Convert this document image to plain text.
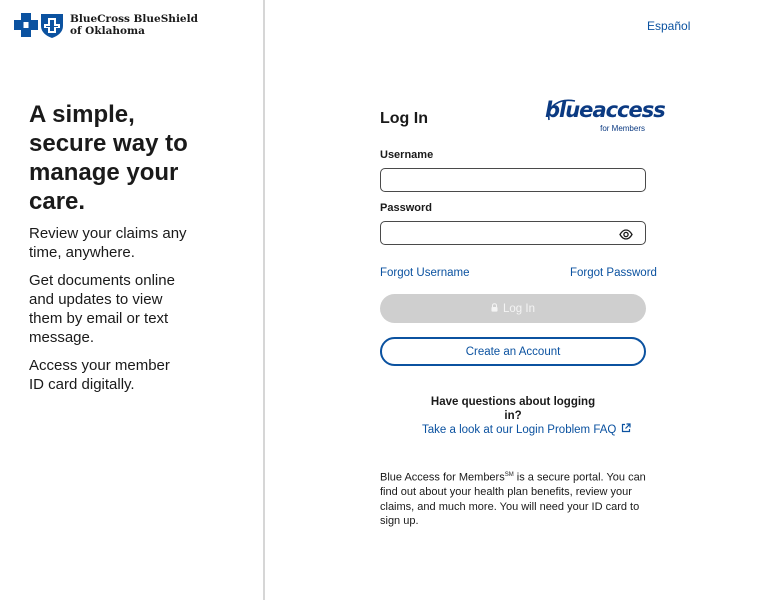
BlueCross BlueShield
of Oklahoma
A simple, secure way to manage your care.

Review your claims any time, anywhere.

Get documents online and updates to view them by email or text message.

Access your member ID card digitally.

Español
Log In	blueaccess
for Members
Username
Password
Forgot Username	Forgot Password
Log In
Create an Account
Have questions about logging in?
Take a look at our Login Problem FAQ
Blue Access for Members℠ is a secure portal. You can find out about your health plan benefits, review your claims, and much more. You will need your ID card to sign up.
